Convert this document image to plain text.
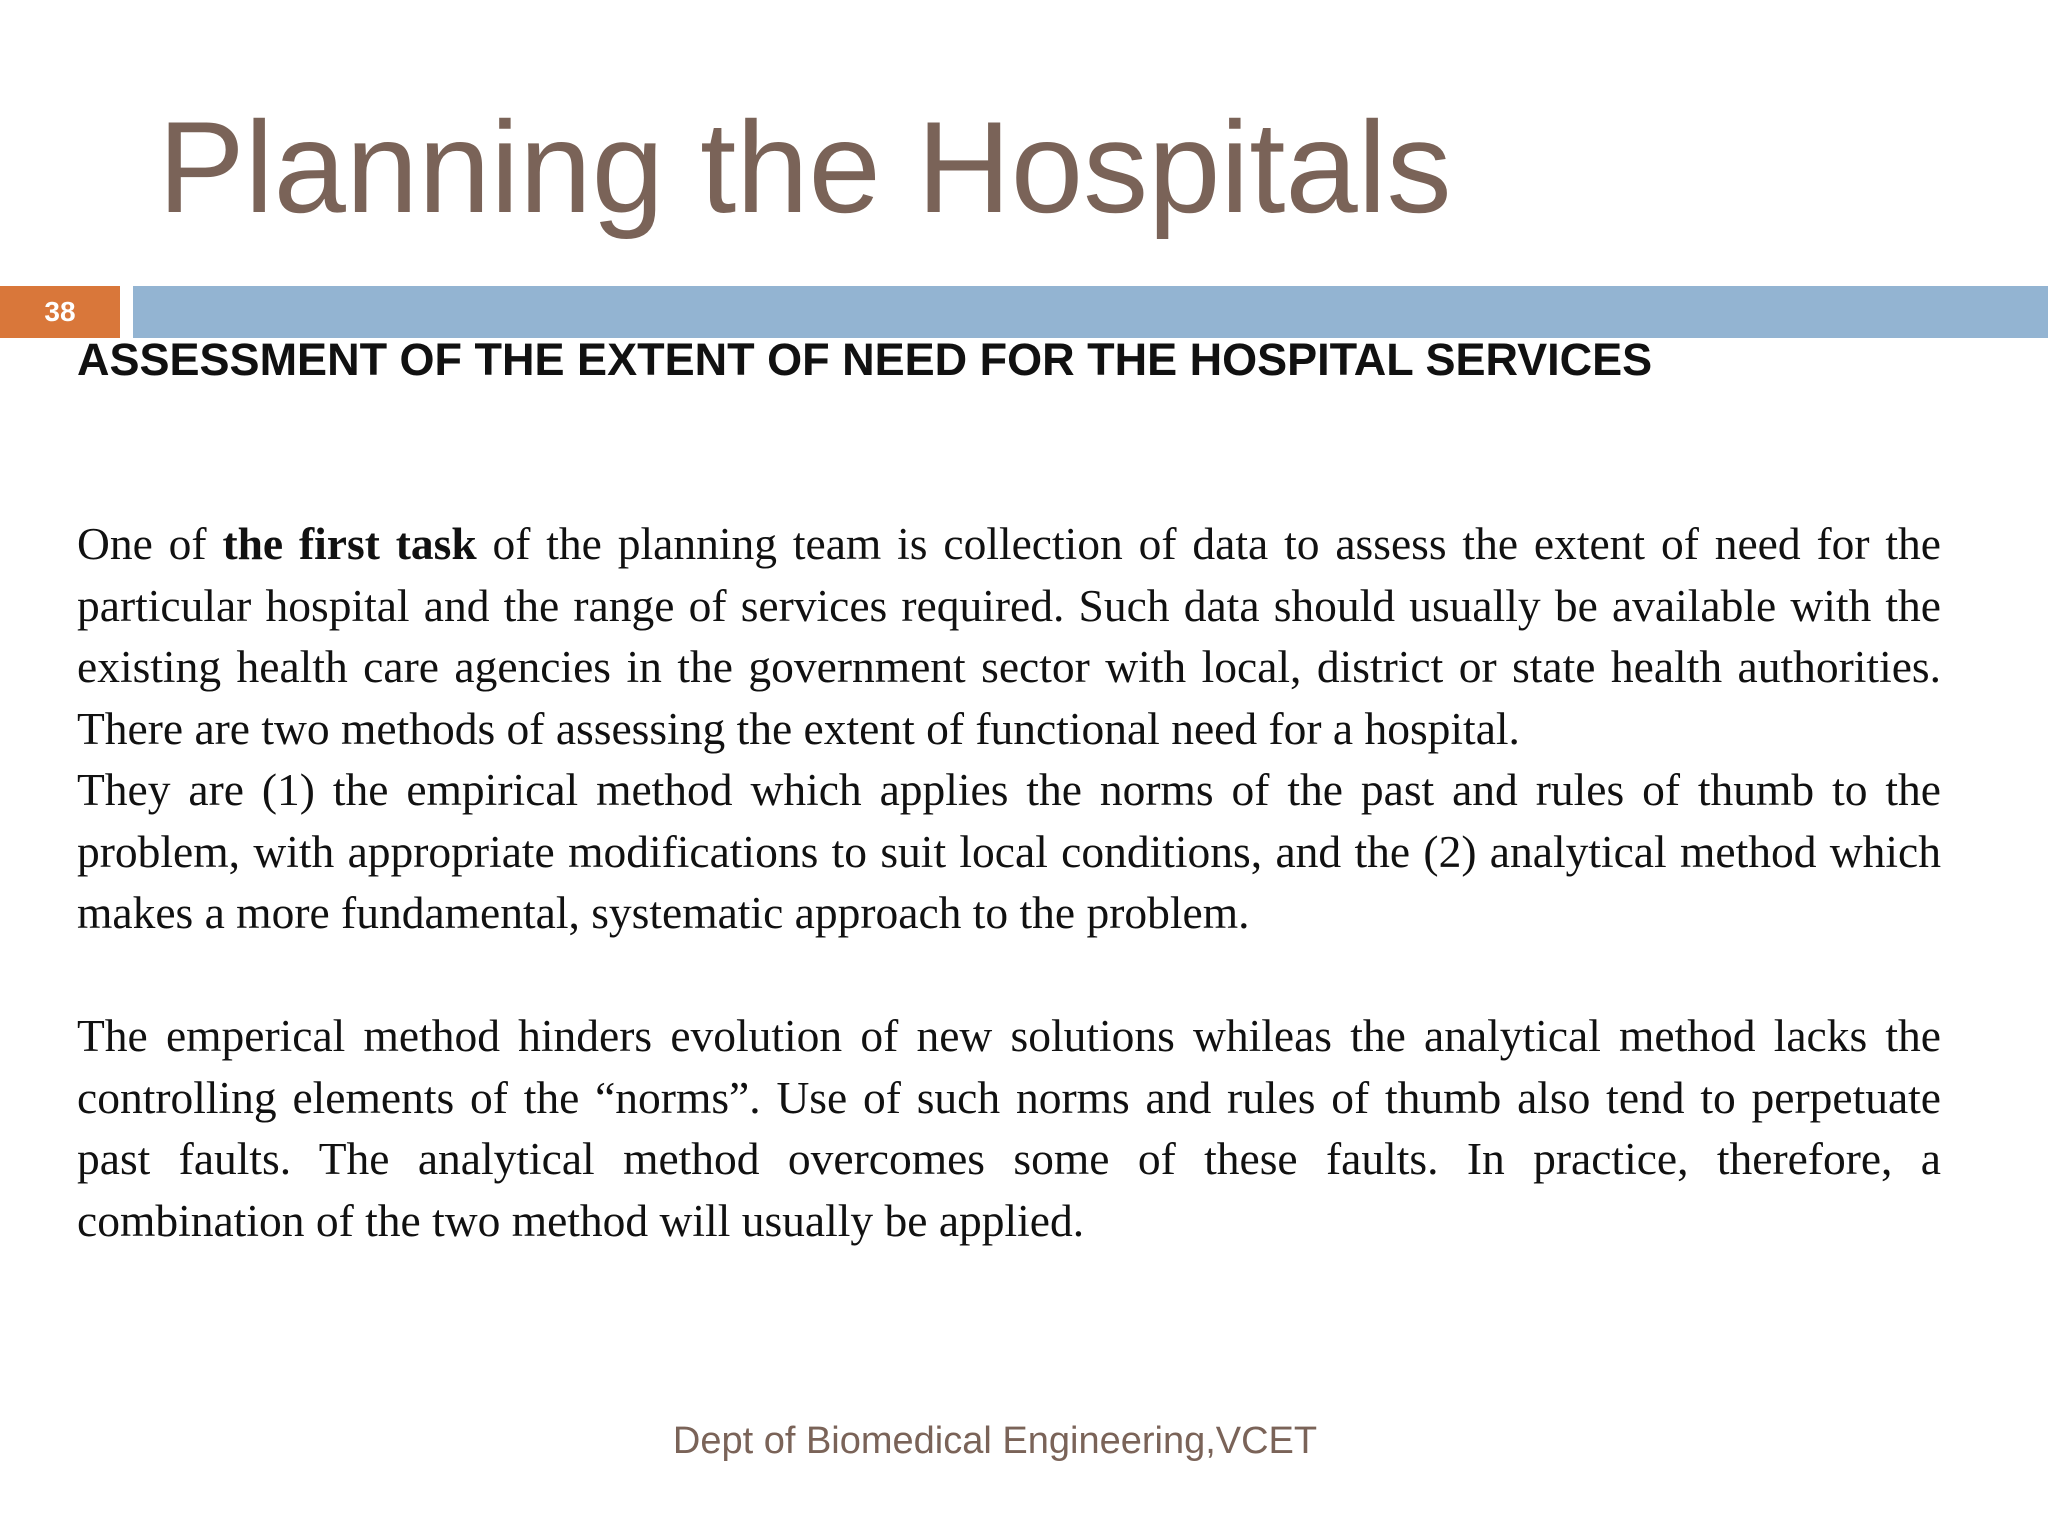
Planning the Hospitals
38
ASSESSMENT OF THE EXTENT OF NEED FOR THE HOSPITAL SERVICES

One of the first task of the planning team is collection of data to assess the extent of need for the particular hospital and the range of services required. Such data should usually be available with the existing health care agencies in the government sector with local, district or state health authorities. There are two methods of assessing the extent of functional need for a hospital.

They are (1) the empirical method which applies the norms of the past and rules of thumb to the problem, with appropriate modifications to suit local conditions, and the (2) analytical method which makes a more fundamental, systematic approach to the problem.

The emperical method hinders evolution of new solutions whileas the analytical method lacks the controlling elements of the “norms”. Use of such norms and rules of thumb also tend to perpetuate past faults. The analytical method overcomes some of these faults. In practice, therefore, a combination of the two method will usually be applied.

Dept of Biomedical Engineering,VCET
